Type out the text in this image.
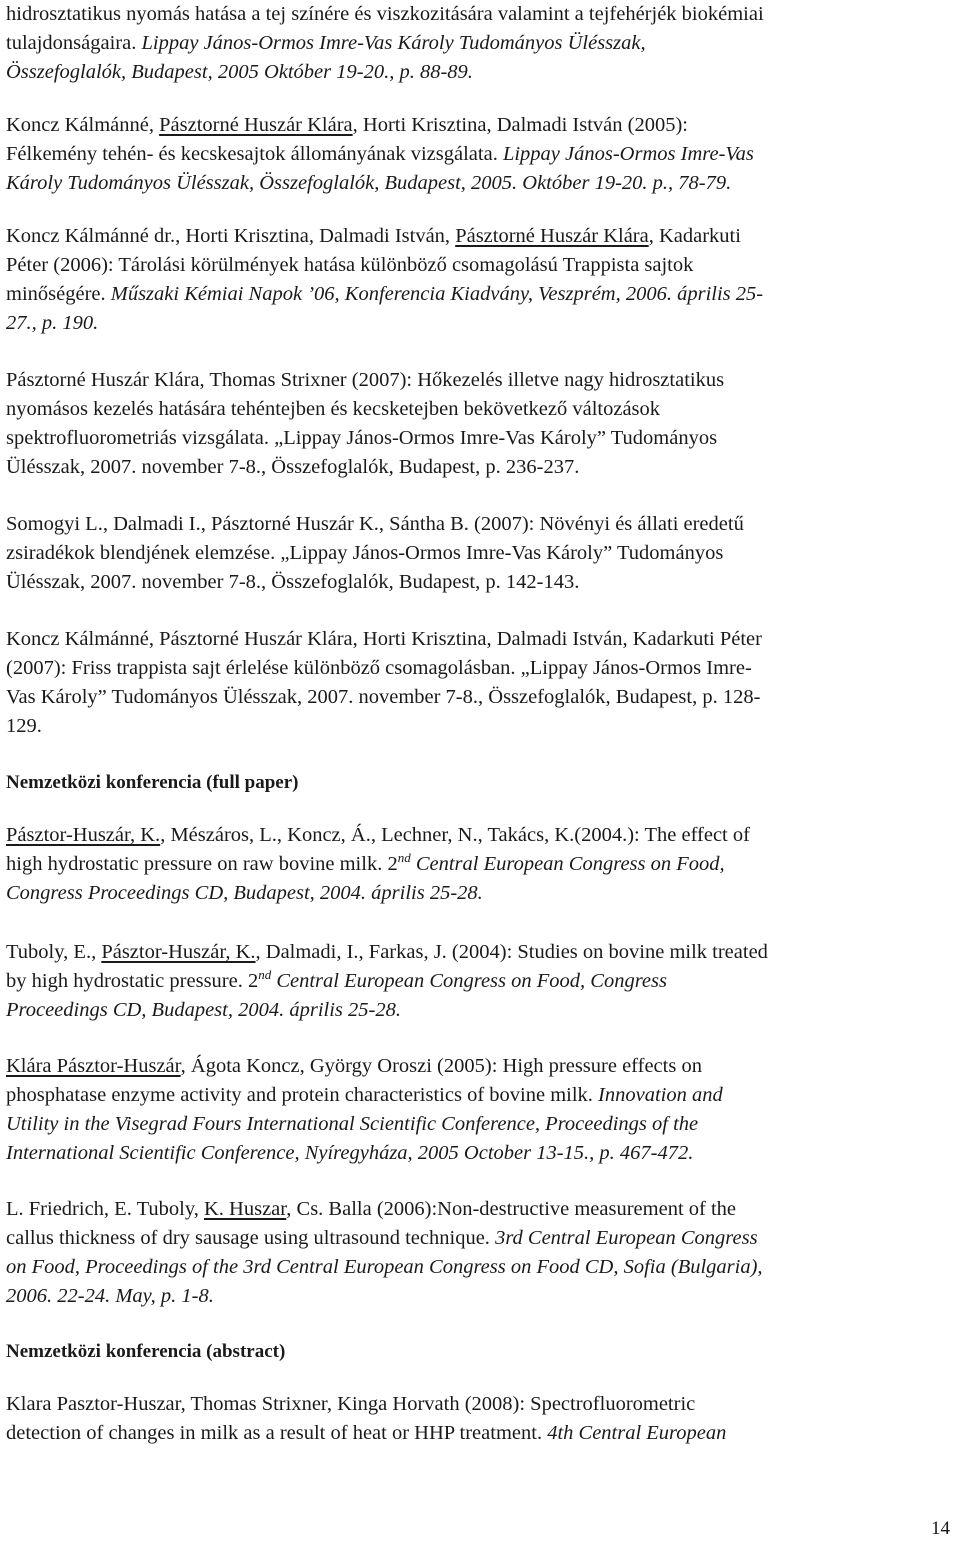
hidrosztatikus nyomás hatása a tej színére és viszkozitására valamint a tejfehérjék biokémiai
tulajdonságaira. Lippay János-Ormos Imre-Vas Károly Tudományos Ülésszak,
Összefoglalók, Budapest, 2005 Október 19-20., p. 88-89.
Koncz Kálmánné, Pásztorné Huszár Klára, Horti Krisztina, Dalmadi István (2005):
Félkemény tehén- és kecskesajtok állományának vizsgálata. Lippay János-Ormos Imre-Vas
Károly Tudományos Ülésszak, Összefoglalók, Budapest, 2005. Október 19-20. p., 78-79.
Koncz Kálmánné dr., Horti Krisztina, Dalmadi István, Pásztorné Huszár Klára, Kadarkuti
Péter (2006): Tárolási körülmények hatása különböző csomagolású Trappista sajtok
minőségére. Műszaki Kémiai Napok ’06, Konferencia Kiadvány, Veszprém, 2006. április 25-
27., p. 190.
Pásztorné Huszár Klára, Thomas Strixner (2007): Hőkezelés illetve nagy hidrosztatikus
nyomásos kezelés hatására tehéntejben és kecsketejben bekövetkező változások
spektrofluorometriás vizsgálata. „Lippay János-Ormos Imre-Vas Károly” Tudományos
Ülésszak, 2007. november 7-8., Összefoglalók, Budapest, p. 236-237.
Somogyi L., Dalmadi I., Pásztorné Huszár K., Sántha B. (2007): Növényi és állati eredetű
zsiradékok blendjének elemzése. „Lippay János-Ormos Imre-Vas Károly” Tudományos
Ülésszak, 2007. november 7-8., Összefoglalók, Budapest, p. 142-143.
Koncz Kálmánné, Pásztorné Huszár Klára, Horti Krisztina, Dalmadi István, Kadarkuti Péter
(2007): Friss trappista sajt érlelése különböző csomagolásban. „Lippay János-Ormos Imre-
Vas Károly” Tudományos Ülésszak, 2007. november 7-8., Összefoglalók, Budapest, p. 128-
129.
Nemzetközi konferencia (full paper)
Pásztor-Huszár, K., Mészáros, L., Koncz, Á., Lechner, N., Takács, K.(2004.): The effect of
high hydrostatic pressure on raw bovine milk. 2nd Central European Congress on Food,
Congress Proceedings CD, Budapest, 2004. április 25-28.
Tuboly, E., Pásztor-Huszár, K., Dalmadi, I., Farkas, J. (2004): Studies on bovine milk treated
by high hydrostatic pressure. 2nd Central European Congress on Food, Congress
Proceedings CD, Budapest, 2004. április 25-28.
Klára Pásztor-Huszár, Ágota Koncz, György Oroszi (2005): High pressure effects on
phosphatase enzyme activity and protein characteristics of bovine milk. Innovation and
Utility in the Visegrad Fours International Scientific Conference, Proceedings of the
International Scientific Conference, Nyíregyháza, 2005 October 13-15., p. 467-472.
L. Friedrich, E. Tuboly, K. Huszar, Cs. Balla (2006):Non-destructive measurement of the
callus thickness of dry sausage using ultrasound technique. 3rd Central European Congress
on Food, Proceedings of the 3rd Central European Congress on Food CD, Sofia (Bulgaria),
2006. 22-24. May, p. 1-8.
Nemzetközi konferencia (abstract)
Klara Pasztor-Huszar, Thomas Strixner, Kinga Horvath (2008): Spectrofluorometric
detection of changes in milk as a result of heat or HHP treatment. 4th Central European
14
